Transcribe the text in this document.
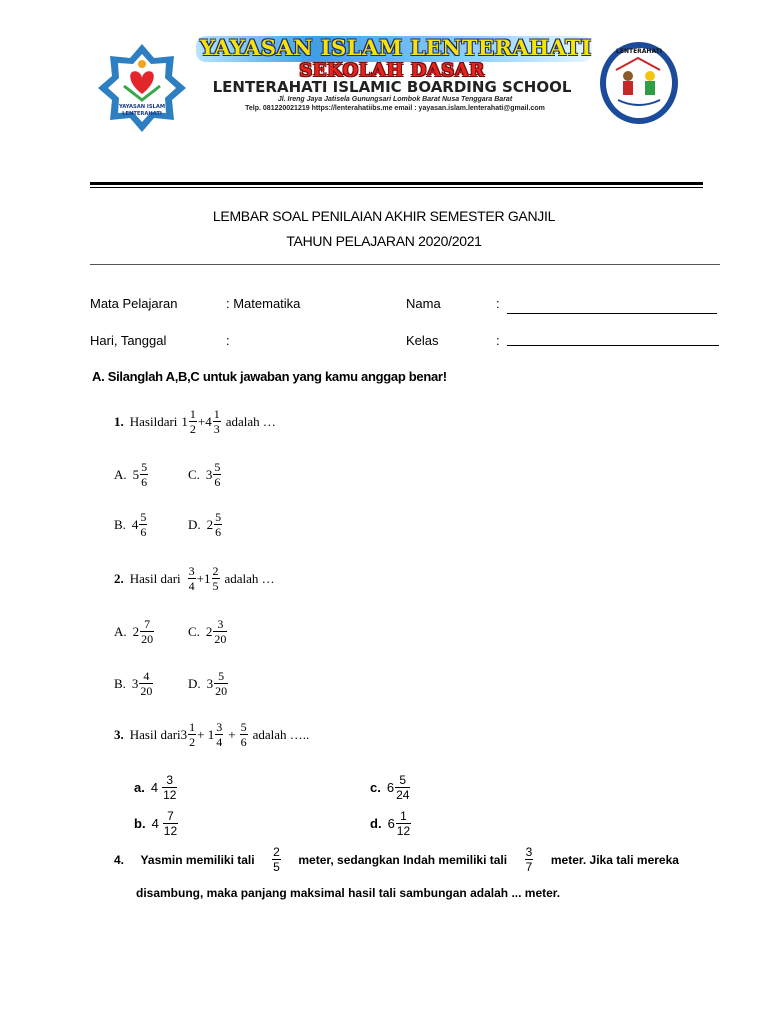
YAYASAN ISLAM
LENTERAHATI
YAYASAN ISLAM LENTERAHATI
SEKOLAH DASAR
LENTERAHATI ISLAMIC BOARDING SCHOOL
Jl. Ireng Jaya Jatisela Gunungsari Lombok Barat Nusa Tenggara Barat
Telp. 081220021219 https://lenterahatiibs.me email : yayasan.islam.lenterahati@gmail.com
LENTERAHATI
LEMBAR SOAL PENILAIAN AKHIR SEMESTER GANJIL
TAHUN PELAJARAN 2020/2021
Mata Pelajaran	: Matematika	Nama	:
Hari, Tanggal	:	Kelas	:
A. Silanglah A,B,C untuk jawaban yang kamu anggap benar!
1. Hasildari $1 \frac{1}{2} +4 \frac{1}{3}$ adalah …
A. $5 \frac{5}{6}$	C. $3 \frac{5}{6}$
B. $4 \frac{5}{6}$	D. $2 \frac{5}{6}$
2. Hasil dari $\frac{3}{4} +1 \frac{2}{5}$ adalah …
A. $2 \frac{7}{20}$	C. $2 \frac{3}{20}$
B. $3 \frac{4}{20}$	D. $3 \frac{5}{20}$
3. Hasil dari3 $\frac{1}{2} + 1 \frac{3}{4} + \frac{5}{6}$ adalah …..
a. $4 \frac{3}{12}$	c. $6 \frac{5}{24}$
b. $4 \frac{7}{12}$	d. $6 \frac{1}{12}$
4. Yasmin memiliki tali $\frac{2}{5}$ meter, sedangkan Indah memiliki tali $\frac{3}{7}$ meter. Jika tali mereka
disambung, maka panjang maksimal hasil tali sambungan adalah ... meter.
